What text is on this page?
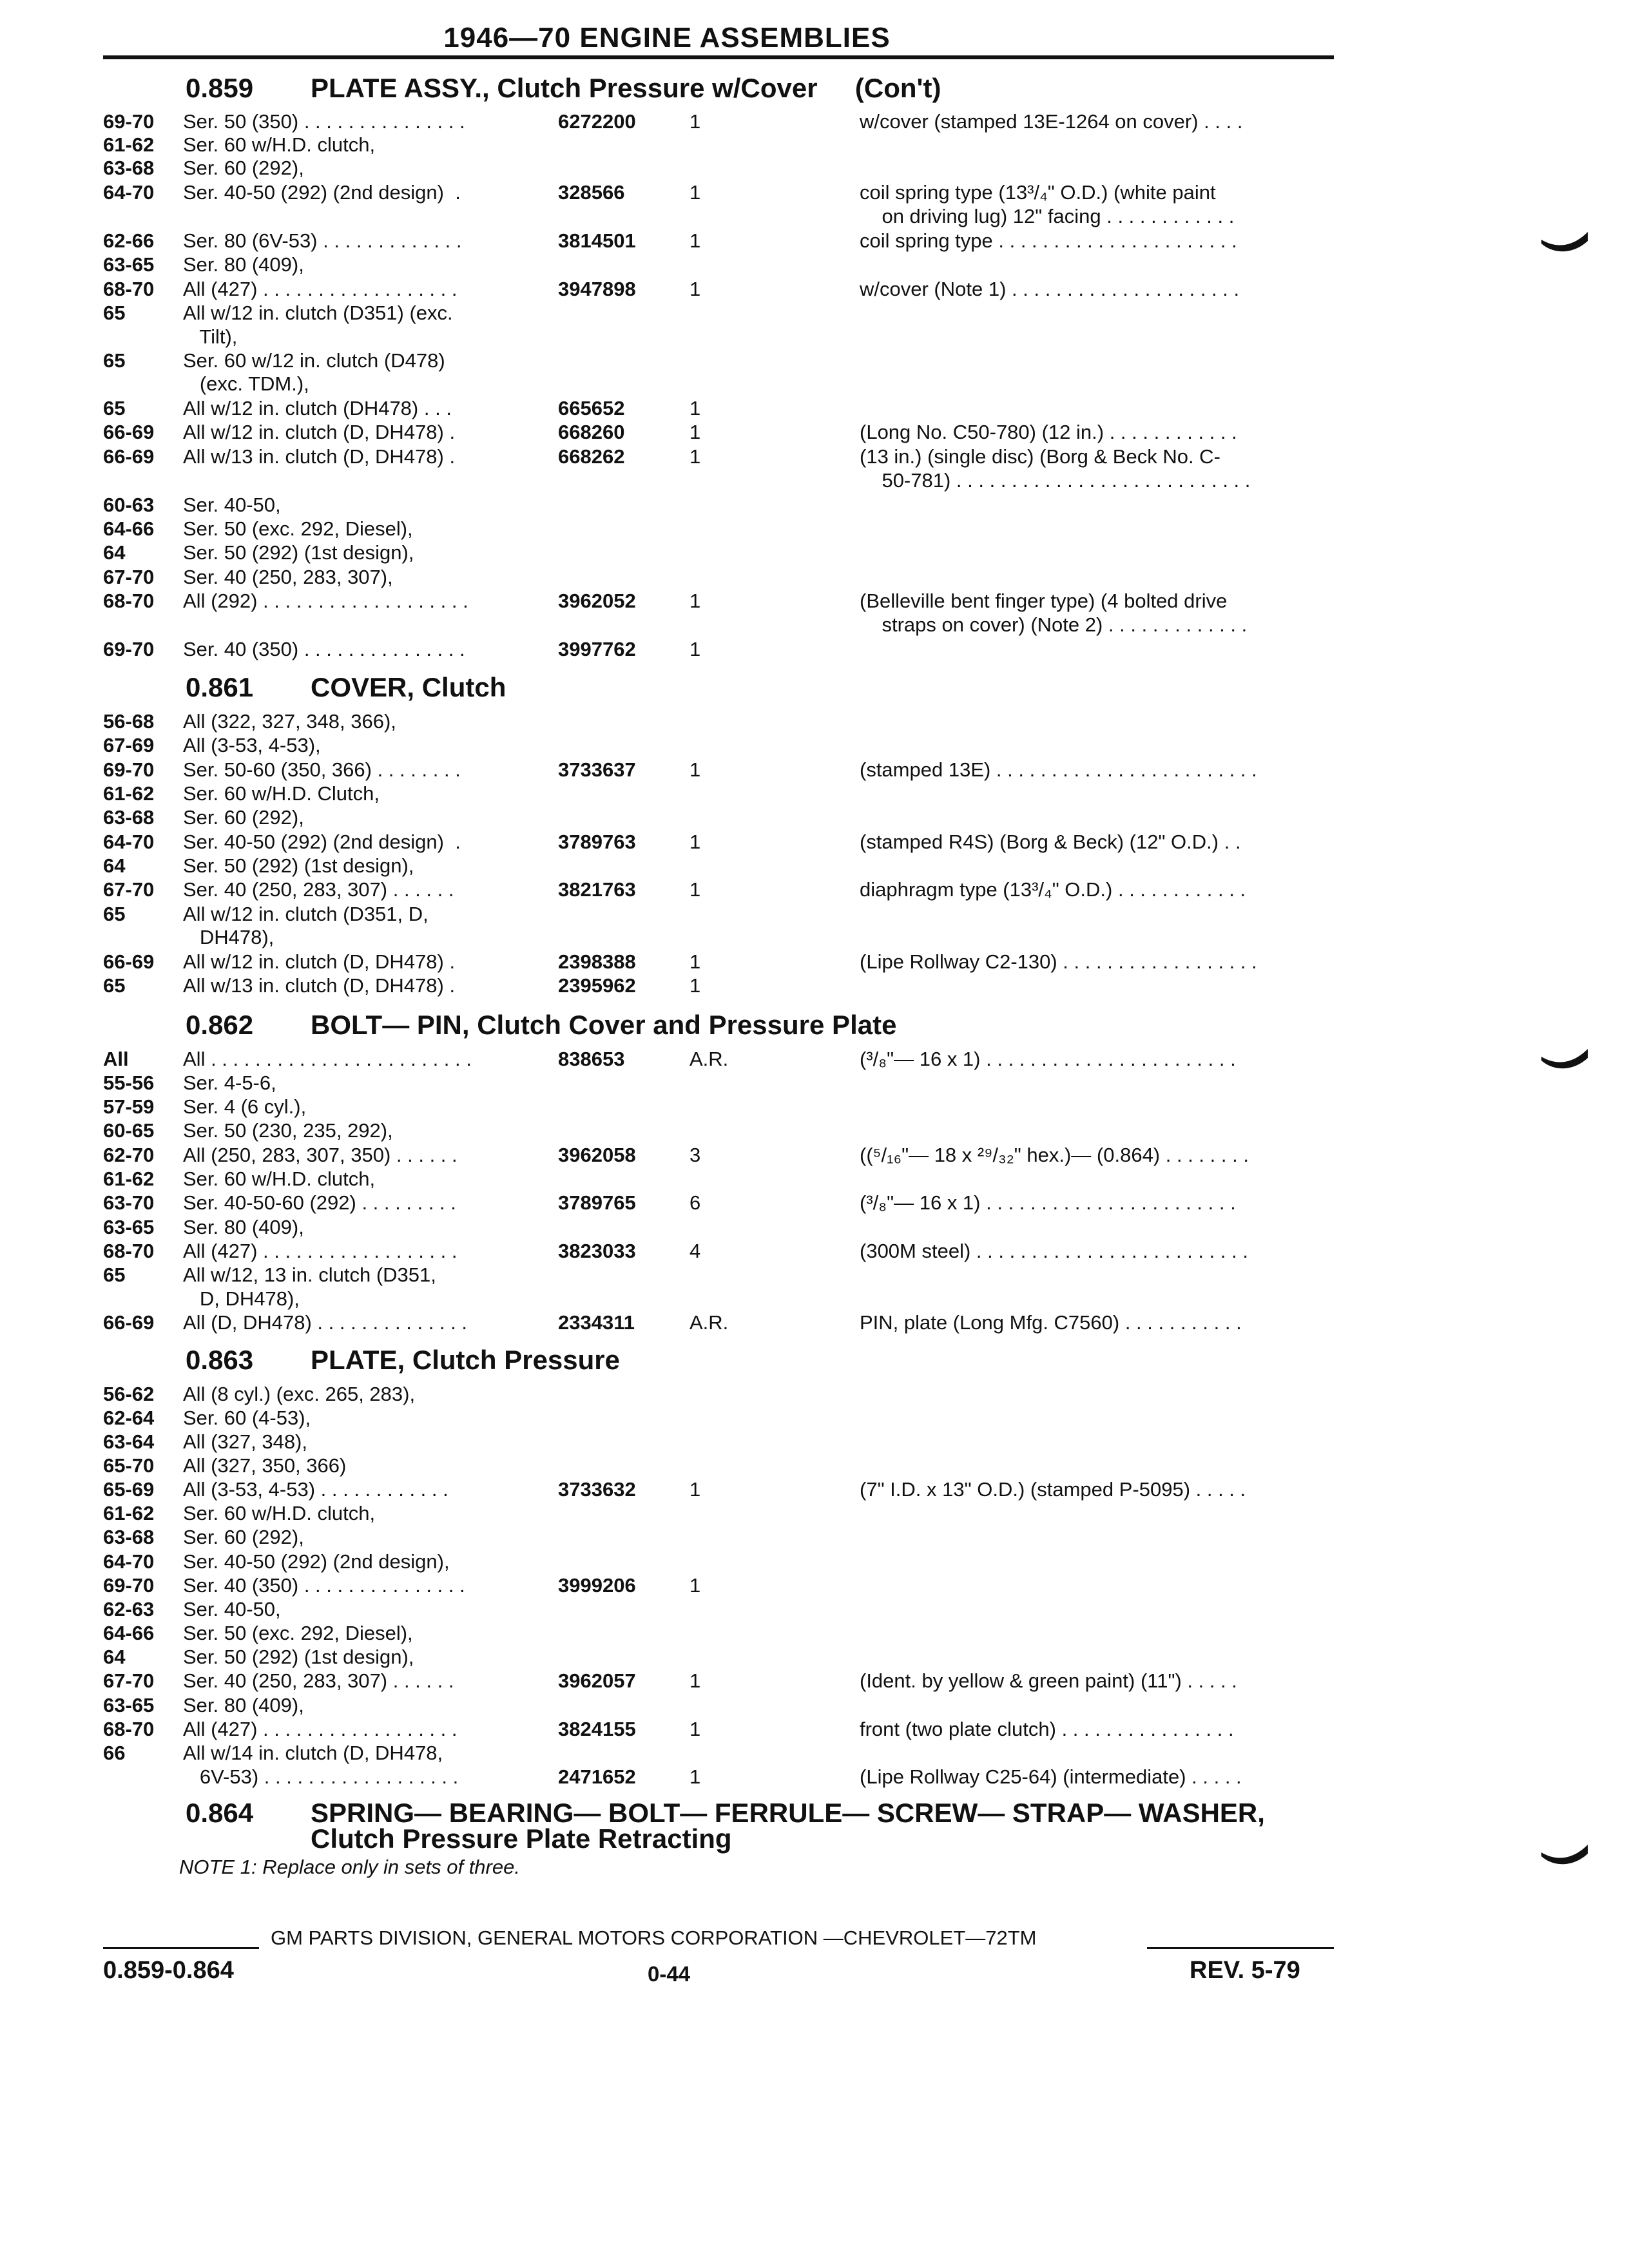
1946—70 ENGINE ASSEMBLIES
0.859 PLATE ASSY., Clutch Pressure w/Cover     (Con't)
0.861 COVER, Clutch
0.862 BOLT— PIN, Clutch Cover and Pressure Plate
0.863 PLATE, Clutch Pressure
0.864 SPRING— BEARING— BOLT— FERRULE— SCREW— STRAP— WASHER,
Clutch Pressure Plate Retracting
69-70 Ser. 50 (350) . . . . . . . . . . . . . . .	6272200	1	w/cover (stamped 13E-1264 on cover) . . . .
61-62 Ser. 60 w/H.D. clutch,
63-68 Ser. 60 (292),
64-70 Ser. 40-50 (292) (2nd design)  .	328566	1	coil spring type (13³/₄" O.D.) (white paint
on driving lug) 12" facing . . . . . . . . . . . .
62-66 Ser. 80 (6V-53) . . . . . . . . . . . . .	3814501	1	coil spring type . . . . . . . . . . . . . . . . . . . . . .
63-65 Ser. 80 (409),
68-70 All (427) . . . . . . . . . . . . . . . . . .	3947898	1	w/cover (Note 1) . . . . . . . . . . . . . . . . . . . . .
65	All w/12 in. clutch (D351) (exc.
Tilt),
65	Ser. 60 w/12 in. clutch (D478)
(exc. TDM.),
65	All w/12 in. clutch (DH478) . . .	665652	1
66-69 All w/12 in. clutch (D, DH478) .	668260	1	(Long No. C50-780) (12 in.) . . . . . . . . . . . .
66-69 All w/13 in. clutch (D, DH478) .	668262	1	(13 in.) (single disc) (Borg & Beck No. C-
50-781) . . . . . . . . . . . . . . . . . . . . . . . . . . .
60-63 Ser. 40-50,
64-66 Ser. 50 (exc. 292, Diesel),
64	Ser. 50 (292) (1st design),
67-70 Ser. 40 (250, 283, 307),
68-70 All (292) . . . . . . . . . . . . . . . . . . .	3962052	1	(Belleville bent finger type) (4 bolted drive
straps on cover) (Note 2) . . . . . . . . . . . . .
69-70 Ser. 40 (350) . . . . . . . . . . . . . . .	3997762	1
56-68 All (322, 327, 348, 366),
67-69 All (3-53, 4-53),
69-70 Ser. 50-60 (350, 366) . . . . . . . .	3733637	1	(stamped 13E) . . . . . . . . . . . . . . . . . . . . . . . .
61-62 Ser. 60 w/H.D. Clutch,
63-68 Ser. 60 (292),
64-70 Ser. 40-50 (292) (2nd design)  .	3789763	1	(stamped R4S) (Borg & Beck) (12" O.D.) . .
64	Ser. 50 (292) (1st design),
67-70 Ser. 40 (250, 283, 307) . . . . . .	3821763	1	diaphragm type (13³/₄" O.D.) . . . . . . . . . . . .
65	All w/12 in. clutch (D351, D,
DH478),
66-69 All w/12 in. clutch (D, DH478) .	2398388	1	(Lipe Rollway C2-130) . . . . . . . . . . . . . . . . . .
65	All w/13 in. clutch (D, DH478) .	2395962	1
All	All . . . . . . . . . . . . . . . . . . . . . . . .	838653	A.R.	(³/₈"— 16 x 1) . . . . . . . . . . . . . . . . . . . . . . .
55-56 Ser. 4-5-6,
57-59 Ser. 4 (6 cyl.),
60-65 Ser. 50 (230, 235, 292),
62-70 All (250, 283, 307, 350) . . . . . .	3962058	3	((⁵/₁₆"— 18 x ²⁹/₃₂" hex.)— (0.864) . . . . . . . .
61-62 Ser. 60 w/H.D. clutch,
63-70 Ser. 40-50-60 (292) . . . . . . . . .	3789765	6	(³/₈"— 16 x 1) . . . . . . . . . . . . . . . . . . . . . . .
63-65 Ser. 80 (409),
68-70 All (427) . . . . . . . . . . . . . . . . . .	3823033	4	(300M steel) . . . . . . . . . . . . . . . . . . . . . . . . .
65	All w/12, 13 in. clutch (D351,
D, DH478),
66-69 All (D, DH478) . . . . . . . . . . . . . .	2334311	A.R.	PIN, plate (Long Mfg. C7560) . . . . . . . . . . .
56-62 All (8 cyl.) (exc. 265, 283),
62-64 Ser. 60 (4-53),
63-64 All (327, 348),
65-70 All (327, 350, 366)
65-69 All (3-53, 4-53) . . . . . . . . . . . .	3733632	1	(7" I.D. x 13" O.D.) (stamped P-5095) . . . . .
61-62 Ser. 60 w/H.D. clutch,
63-68 Ser. 60 (292),
64-70 Ser. 40-50 (292) (2nd design),
69-70 Ser. 40 (350) . . . . . . . . . . . . . . .	3999206	1
62-63 Ser. 40-50,
64-66 Ser. 50 (exc. 292, Diesel),
64	Ser. 50 (292) (1st design),
67-70 Ser. 40 (250, 283, 307) . . . . . .	3962057	1	(Ident. by yellow & green paint) (11") . . . . .
63-65 Ser. 80 (409),
68-70 All (427) . . . . . . . . . . . . . . . . . .	3824155	1	front (two plate clutch) . . . . . . . . . . . . . . . .
66	All w/14 in. clutch (D, DH478,
6V-53) . . . . . . . . . . . . . . . . . .	2471652	1	(Lipe Rollway C25-64) (intermediate) . . . . .
NOTE 1: Replace only in sets of three.
GM PARTS DIVISION, GENERAL MOTORS CORPORATION —CHEVROLET—72TM
0.859-0.864	0-44	REV. 5-79
